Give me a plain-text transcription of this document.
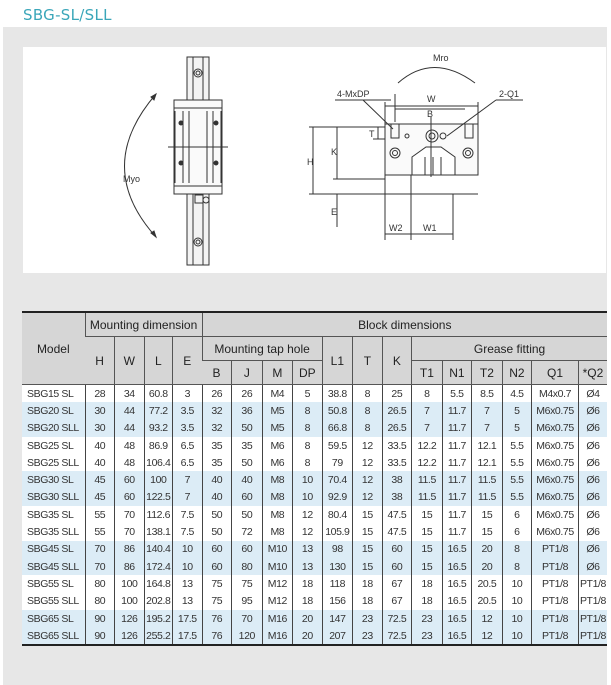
SBG-SL/SLL
Myo
Mro
4-MxDP	2-Q1
W
B
T
H
K
E
W2 W1
Model	Mounting dimension				Block dimensions												
	H	W	L	E	Mounting tap hole				L1	T	K	Grease fitting					
					B	J	M	DP				T1	N1	T2	N2	Q1	*Q2
SBG15 SL	28	34	60.8	3	26	26	M4	5	38.8	8	25	8	5.5	8.5	4.5	M4x0.7	Ø4
SBG20 SL	30	44	77.2	3.5	32	36	M5	8	50.8	8	26.5	7	11.7	7	5	M6x0.75	Ø6
SBG20 SLL	30	44	93.2	3.5	32	50	M5	8	66.8	8	26.5	7	11.7	7	5	M6x0.75	Ø6
SBG25 SL	40	48	86.9	6.5	35	35	M6	8	59.5	12	33.5	12.2	11.7	12.1	5.5	M6x0.75	Ø6
SBG25 SLL	40	48	106.4	6.5	35	50	M6	8	79	12	33.5	12.2	11.7	12.1	5.5	M6x0.75	Ø6
SBG30 SL	45	60	100	7	40	40	M8	10	70.4	12	38	11.5	11.7	11.5	5.5	M6x0.75	Ø6
SBG30 SLL	45	60	122.5	7	40	60	M8	10	92.9	12	38	11.5	11.7	11.5	5.5	M6x0.75	Ø6
SBG35 SL	55	70	112.6	7.5	50	50	M8	12	80.4	15	47.5	15	11.7	15	6	M6x0.75	Ø6
SBG35 SLL	55	70	138.1	7.5	50	72	M8	12	105.9	15	47.5	15	11.7	15	6	M6x0.75	Ø6
SBG45 SL	70	86	140.4	10	60	60	M10	13	98	15	60	15	16.5	20	8	PT1/8	Ø6
SBG45 SLL	70	86	172.4	10	60	80	M10	13	130	15	60	15	16.5	20	8	PT1/8	Ø6
SBG55 SL	80	100	164.8	13	75	75	M12	18	118	18	67	18	16.5	20.5	10	PT1/8	PT1/8
SBG55 SLL	80	100	202.8	13	75	95	M12	18	156	18	67	18	16.5	20.5	10	PT1/8	PT1/8
SBG65 SL	90	126	195.2	17.5	76	70	M16	20	147	23	72.5	23	16.5	12	10	PT1/8	PT1/8
SBG65 SLL	90	126	255.2	17.5	76	120	M16	20	207	23	72.5	23	16.5	12	10	PT1/8	PT1/8
